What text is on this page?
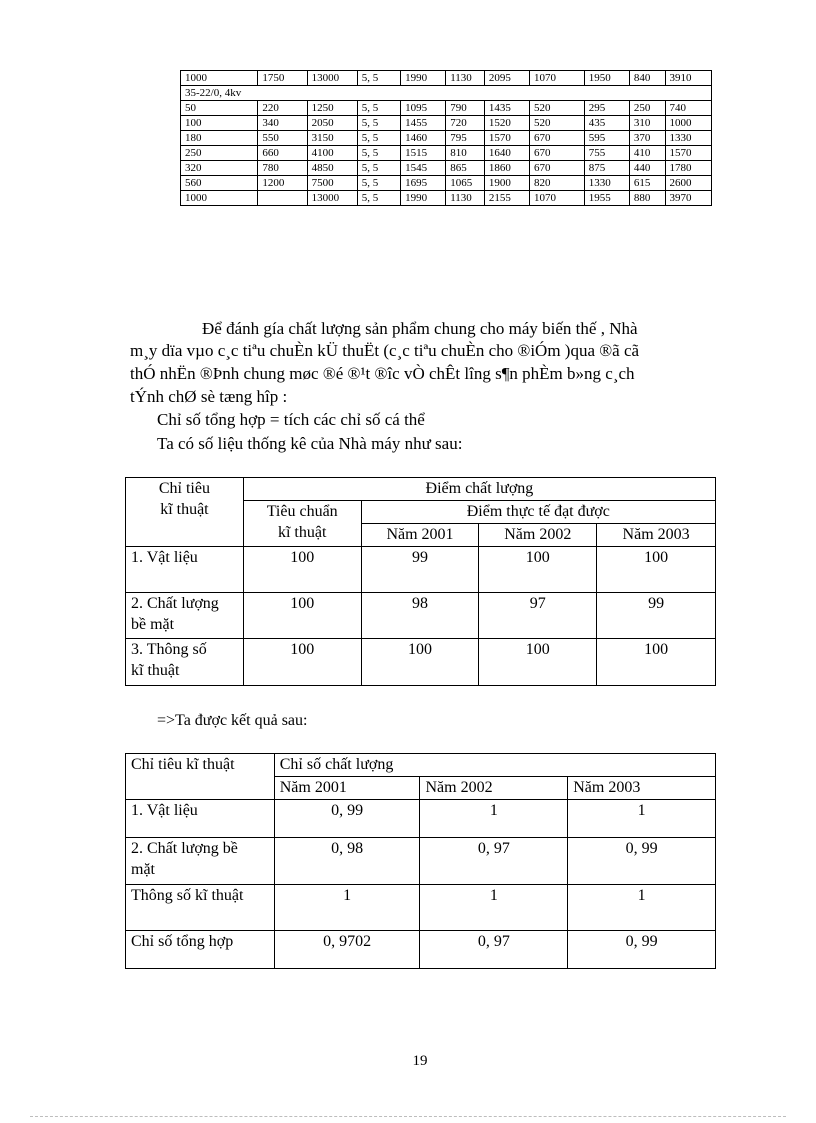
1000	1750	13000	5, 5	1990	1130	2095	1070	1950	840	3910
35-22/0, 4kv										
50	220	1250	5, 5	1095	790	1435	520	295	250	740
100	340	2050	5, 5	1455	720	1520	520	435	310	1000
180	550	3150	5, 5	1460	795	1570	670	595	370	1330
250	660	4100	5, 5	1515	810	1640	670	755	410	1570
320	780	4850	5, 5	1545	865	1860	670	875	440	1780
560	1200	7500	5, 5	1695	1065	1900	820	1330	615	2600
1000		13000	5, 5	1990	1130	2155	1070	1955	880	3970
Để đánh gía chất lượng sản phẩm chung cho máy biến thế , Nhà
m¸y dïa vµo c¸c tiªu chuÈn kÜ thuËt (c¸c tiªu chuÈn cho ®iÓm )qua ®ã cã
thÓ nhËn ®Þnh chung møc ®é ®¹t ®îc vÒ chÊt lîng s¶n phÈm b»ng c¸ch
tÝnh chØ sè tæng hîp :
Chỉ số tổng hợp = tích các chỉ số cá thể
Ta có số liệu thống kê của Nhà máy như sau:
Chỉ tiêu
kĩ thuật	Điểm chất lượng			

	Tiêu chuẩn
kĩ thuật	Điểm thực tế đạt được		
		Năm 2001	Năm 2002	Năm 2003

1. Vật liệu	100	99	100	100

2. Chất lượng
bề mặt	100	98	97	99

3. Thông số
kĩ thuật	100	100	100	100
=>Ta được kết quả sau:
Chỉ tiêu kĩ thuật	Chỉ số chất lượng		
	Năm 2001	Năm 2002	Năm 2003

1. Vật liệu	0, 99	1	1

2. Chất lượng bề
mặt	0, 98	0, 97	0, 99

Thông số kĩ thuật	1	1	1

Chỉ số tổng hợp	0, 9702	0, 97	0, 99
19
